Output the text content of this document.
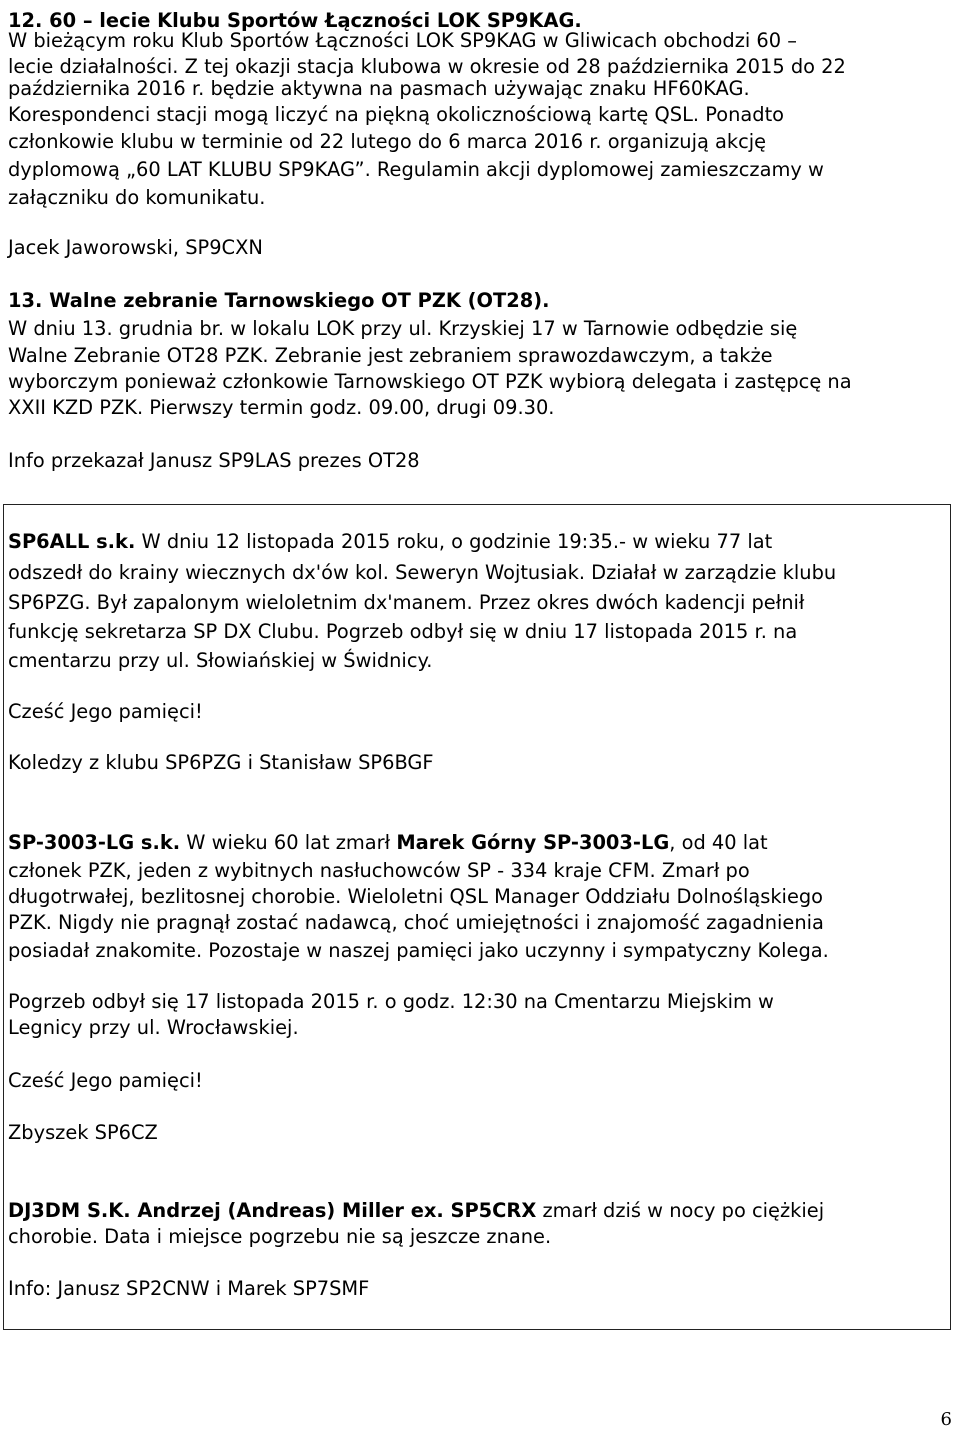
12. 60 – lecie Klubu Sportów Łączności LOK SP9KAG.
W bieżącym roku Klub Sportów Łączności LOK SP9KAG w Gliwicach obchodzi 60 –
lecie działalności. Z tej okazji stacja klubowa w okresie od 28 października 2015 do 22
października 2016 r. będzie aktywna na pasmach używając znaku HF60KAG.
Korespondenci stacji mogą liczyć na piękną okolicznościową kartę QSL. Ponadto
członkowie klubu w terminie od 22 lutego do 6 marca 2016 r. organizują akcję
dyplomową „60 LAT KLUBU SP9KAG”. Regulamin akcji dyplomowej zamieszczamy w
załączniku do komunikatu.
Jacek Jaworowski, SP9CXN
13. Walne zebranie Tarnowskiego OT PZK (OT28).
W dniu 13. grudnia br. w lokalu LOK przy ul. Krzyskiej 17 w Tarnowie odbędzie się
Walne Zebranie OT28 PZK. Zebranie jest zebraniem sprawozdawczym, a także
wyborczym ponieważ członkowie Tarnowskiego OT PZK wybiorą delegata i zastępcę na
XXII KZD PZK. Pierwszy termin godz. 09.00, drugi 09.30.
Info przekazał Janusz SP9LAS prezes OT28
SP6ALL s.k. W dniu 12 listopada 2015 roku, o godzinie 19:35.- w wieku 77 lat
odszedł do krainy wiecznych dx'ów kol. Seweryn Wojtusiak. Działał w zarządzie klubu
SP6PZG. Był zapalonym wieloletnim dx'manem. Przez okres dwóch kadencji pełnił
funkcję sekretarza SP DX Clubu. Pogrzeb odbył się w dniu 17 listopada 2015 r. na
cmentarzu przy ul. Słowiańskiej w Świdnicy.
Cześć Jego pamięci!
Koledzy z klubu SP6PZG i Stanisław SP6BGF
SP-3003-LG s.k. W wieku 60 lat zmarł Marek Górny SP-3003-LG, od 40 lat
członek PZK, jeden z wybitnych nasłuchowców SP - 334 kraje CFM. Zmarł po
długotrwałej, bezlitosnej chorobie. Wieloletni QSL Manager Oddziału Dolnośląskiego
PZK. Nigdy nie pragnął zostać nadawcą, choć umiejętności i znajomość zagadnienia
posiadał znakomite. Pozostaje w naszej pamięci jako uczynny i sympatyczny Kolega.
Pogrzeb odbył się 17 listopada 2015 r. o godz. 12:30 na Cmentarzu Miejskim w
Legnicy przy ul. Wrocławskiej.
Cześć Jego pamięci!
Zbyszek SP6CZ
DJ3DM S.K. Andrzej (Andreas) Miller ex. SP5CRX zmarł dziś w nocy po ciężkiej
chorobie. Data i miejsce pogrzebu nie są jeszcze znane.
Info: Janusz SP2CNW i Marek SP7SMF
6
